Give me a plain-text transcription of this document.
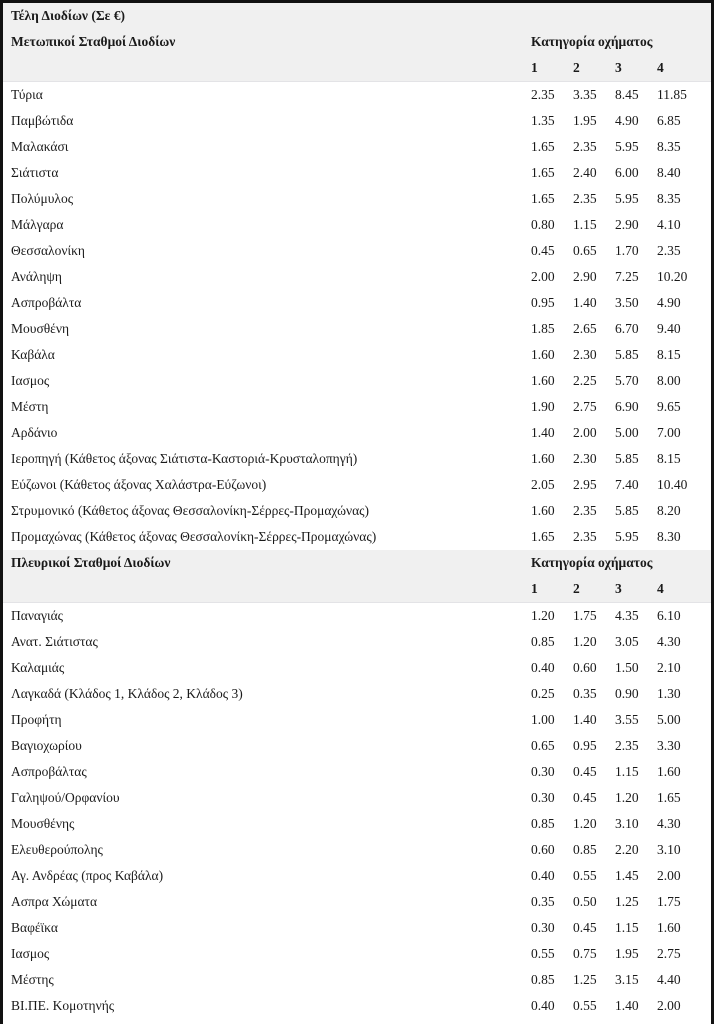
Τέλη Διοδίων (Σε €)				
Μετωπικοί Σταθμοί Διοδίων	Κατηγορία οχήματος			
	1	2	3	4
Τύρια	2.35	3.35	8.45	11.85
Παμβώτιδα	1.35	1.95	4.90	6.85
Μαλακάσι	1.65	2.35	5.95	8.35
Σιάτιστα	1.65	2.40	6.00	8.40
Πολύμυλος	1.65	2.35	5.95	8.35
Μάλγαρα	0.80	1.15	2.90	4.10
Θεσσαλονίκη	0.45	0.65	1.70	2.35
Ανάληψη	2.00	2.90	7.25	10.20
Ασπροβάλτα	0.95	1.40	3.50	4.90
Μουσθένη	1.85	2.65	6.70	9.40
Καβάλα	1.60	2.30	5.85	8.15
Ιασμος	1.60	2.25	5.70	8.00
Μέστη	1.90	2.75	6.90	9.65
Αρδάνιο	1.40	2.00	5.00	7.00
Ιεροπηγή (Κάθετος άξονας Σιάτιστα-Καστοριά-Κρυσταλοπηγή)	1.60	2.30	5.85	8.15
Εύζωνοι (Κάθετος άξονας Χαλάστρα-Εύζωνοι)	2.05	2.95	7.40	10.40
Στρυμονικό (Κάθετος άξονας Θεσσαλονίκη-Σέρρες-Προμαχώνας)	1.60	2.35	5.85	8.20
Προμαχώνας (Κάθετος άξονας Θεσσαλονίκη-Σέρρες-Προμαχώνας)	1.65	2.35	5.95	8.30
Πλευρικοί Σταθμοί Διοδίων	Κατηγορία οχήματος			
	1	2	3	4
Παναγιάς	1.20	1.75	4.35	6.10
Ανατ. Σιάτιστας	0.85	1.20	3.05	4.30
Καλαμιάς	0.40	0.60	1.50	2.10
Λαγκαδά (Κλάδος 1, Κλάδος 2, Κλάδος 3)	0.25	0.35	0.90	1.30
Προφήτη	1.00	1.40	3.55	5.00
Βαγιοχωρίου	0.65	0.95	2.35	3.30
Ασπροβάλτας	0.30	0.45	1.15	1.60
Γαληψού/Ορφανίου	0.30	0.45	1.20	1.65
Μουσθένης	0.85	1.20	3.10	4.30
Ελευθερούπολης	0.60	0.85	2.20	3.10
Αγ. Ανδρέας (προς Καβάλα)	0.40	0.55	1.45	2.00
Ασπρα Χώματα	0.35	0.50	1.25	1.75
Βαφέϊκα	0.30	0.45	1.15	1.60
Ιασμος	0.55	0.75	1.95	2.75
Μέστης	0.85	1.25	3.15	4.40
ΒΙ.ΠΕ. Κομοτηνής	0.40	0.55	1.40	2.00
